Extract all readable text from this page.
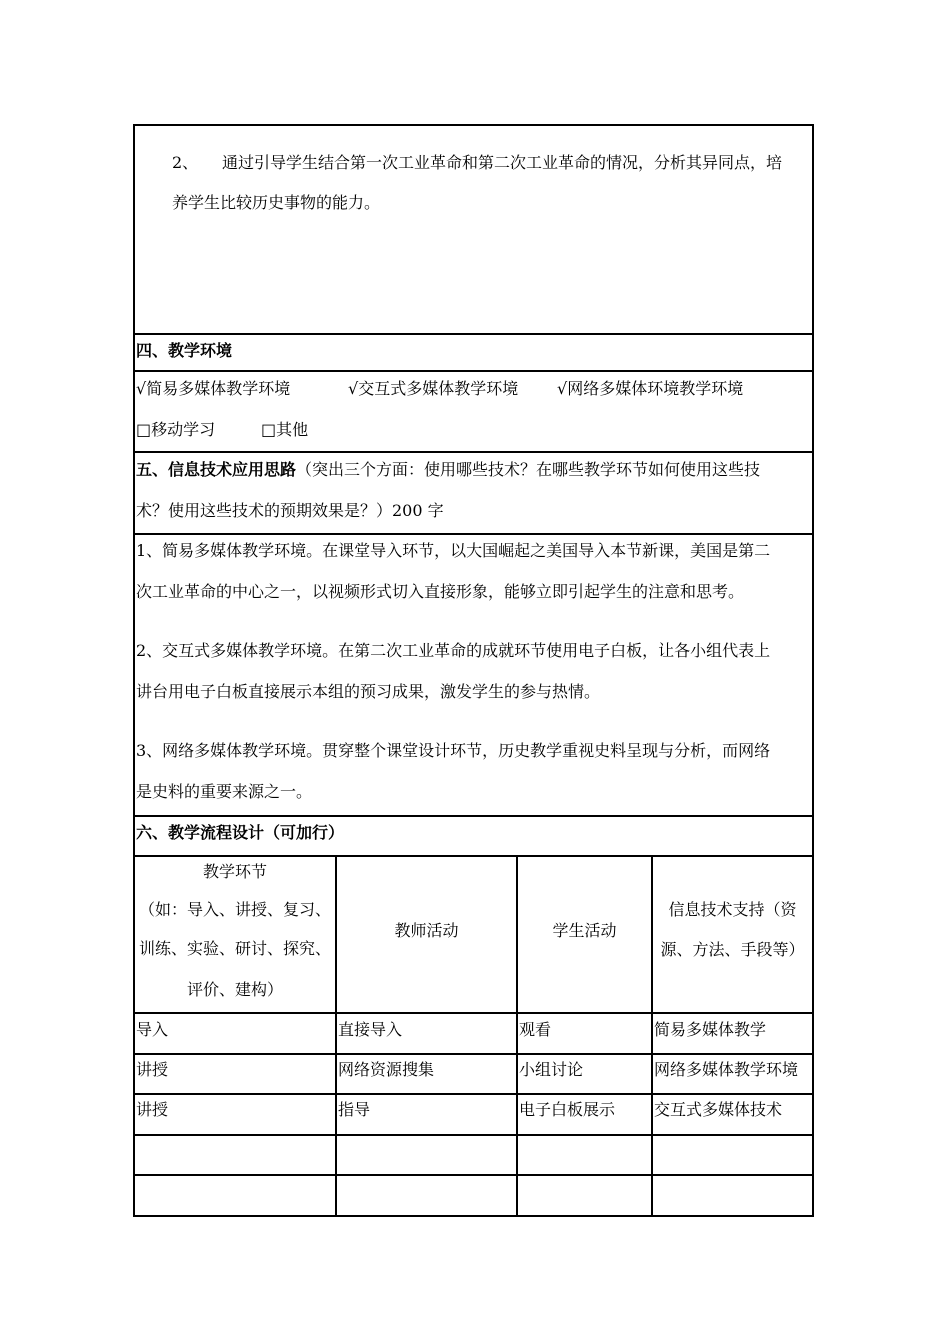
2、 通过引导学生结合第一次工业革命和第二次工业革命的情况，分析其异同点，培
养学生比较历史事物的能力。
四、教学环境
√简易多媒体教学环境	√交互式多媒体教学环境 √网络多媒体环境教学环境
□移动学习	□其他
五、信息技术应用思路（突出三个方面：使用哪些技术？在哪些教学环节如何使用这些技
术？使用这些技术的预期效果是？）200 字
1、简易多媒体教学环境。在课堂导入环节，以大国崛起之美国导入本节新课，美国是第二
次工业革命的中心之一，以视频形式切入直接形象，能够立即引起学生的注意和思考。
2、交互式多媒体教学环境。在第二次工业革命的成就环节使用电子白板，让各小组代表上
讲台用电子白板直接展示本组的预习成果，激发学生的参与热情。
3、网络多媒体教学环境。贯穿整个课堂设计环节，历史教学重视史料呈现与分析，而网络
是史料的重要来源之一。
六、教学流程设计（可加行）
教学环节
（如：导入、讲授、复习、
训练、实验、研讨、探究、
评价、建构）
教师活动	学生活动
信息技术支持（资
源、方法、手段等）
导入	直接导入	观看	简易多媒体教学
讲授	网络资源搜集	小组讨论	网络多媒体教学环境
讲授	指导	电子白板展示 交互式多媒体技术
